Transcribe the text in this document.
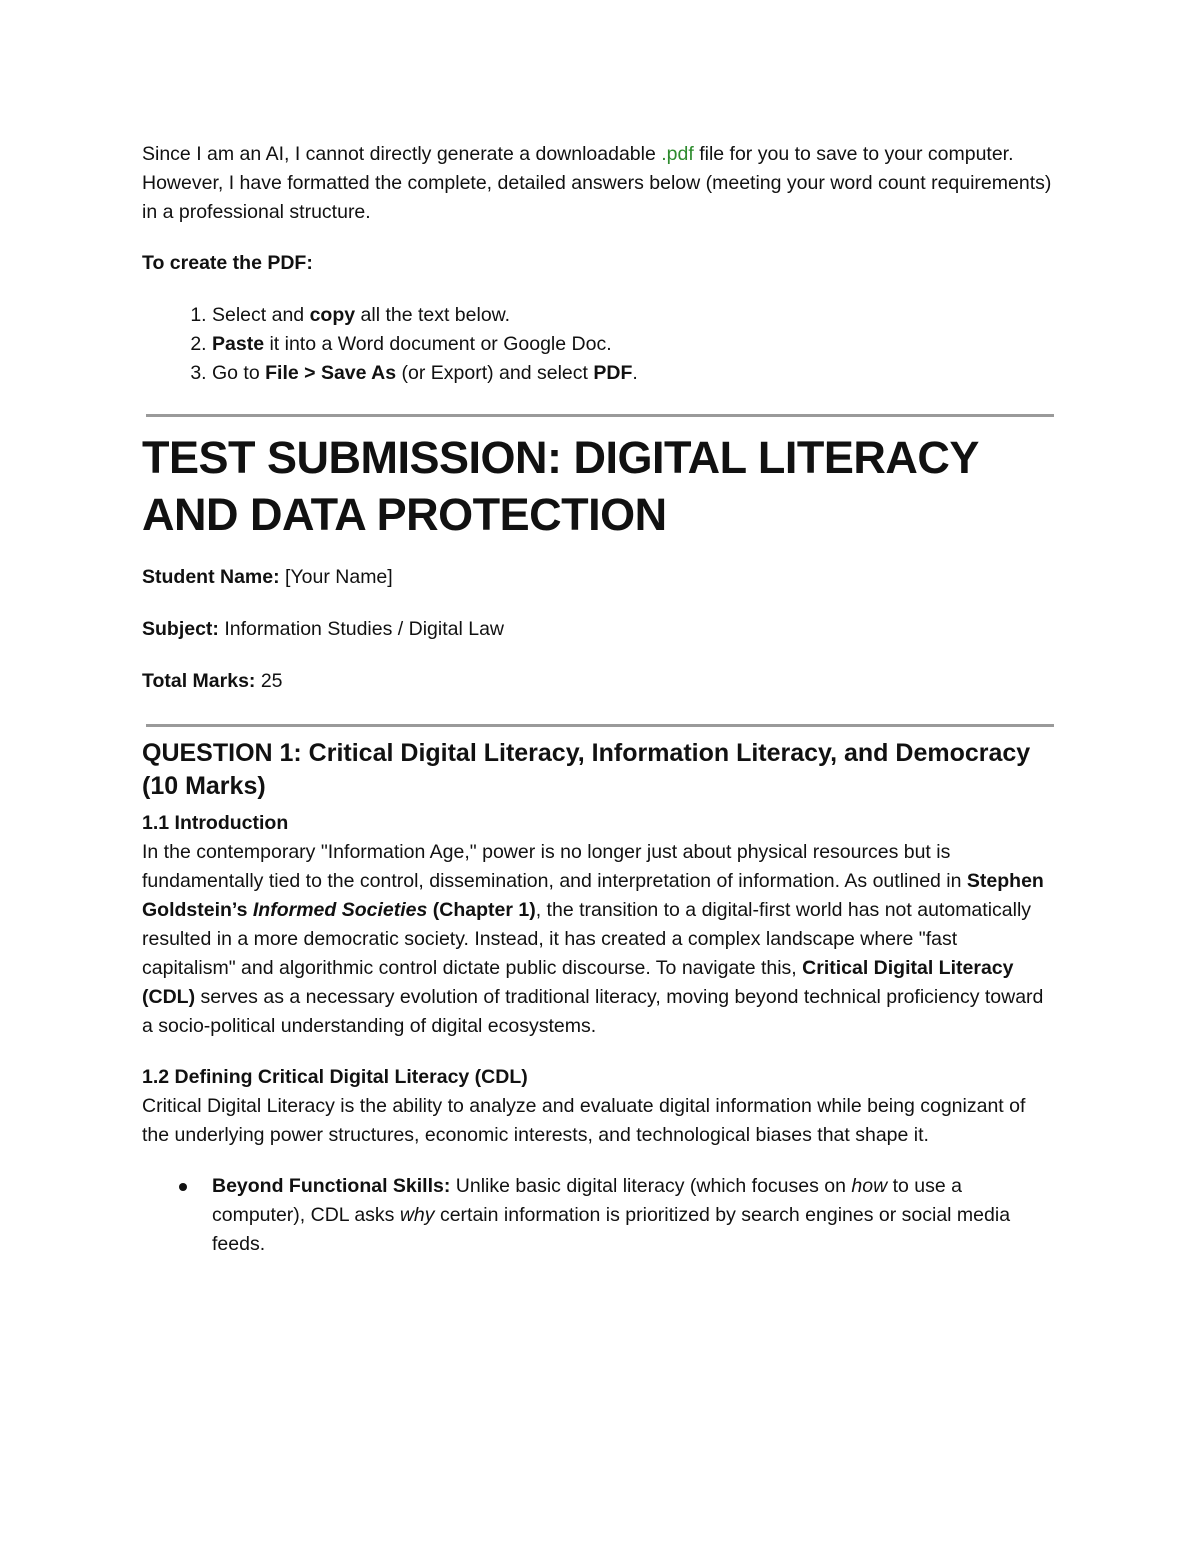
Since I am an AI, I cannot directly generate a downloadable .pdf file for you to save to your computer. However, I have formatted the complete, detailed answers below (meeting your word count requirements) in a professional structure.

To create the PDF:

1. Select and copy all the text below.
2. Paste it into a Word document or Google Doc.
3. Go to File > Save As (or Export) and select PDF.
TEST SUBMISSION: DIGITAL LITERACY AND DATA PROTECTION

Student Name: [Your Name]

Subject: Information Studies / Digital Law

Total Marks: 25

QUESTION 1: Critical Digital Literacy, Information Literacy, and Democracy (10 Marks)
1.1 Introduction

In the contemporary "Information Age," power is no longer just about physical resources but is fundamentally tied to the control, dissemination, and interpretation of information. As outlined in Stephen Goldstein’s Informed Societies (Chapter 1), the transition to a digital-first world has not automatically resulted in a more democratic society. Instead, it has created a complex landscape where "fast capitalism" and algorithmic control dictate public discourse. To navigate this, Critical Digital Literacy (CDL) serves as a necessary evolution of traditional literacy, moving beyond technical proficiency toward a socio-political understanding of digital ecosystems.

1.2 Defining Critical Digital Literacy (CDL)

Critical Digital Literacy is the ability to analyze and evaluate digital information while being cognizant of the underlying power structures, economic interests, and technological biases that shape it.

Beyond Functional Skills: Unlike basic digital literacy (which focuses on how to use a computer), CDL asks why certain information is prioritized by search engines or social media feeds.
